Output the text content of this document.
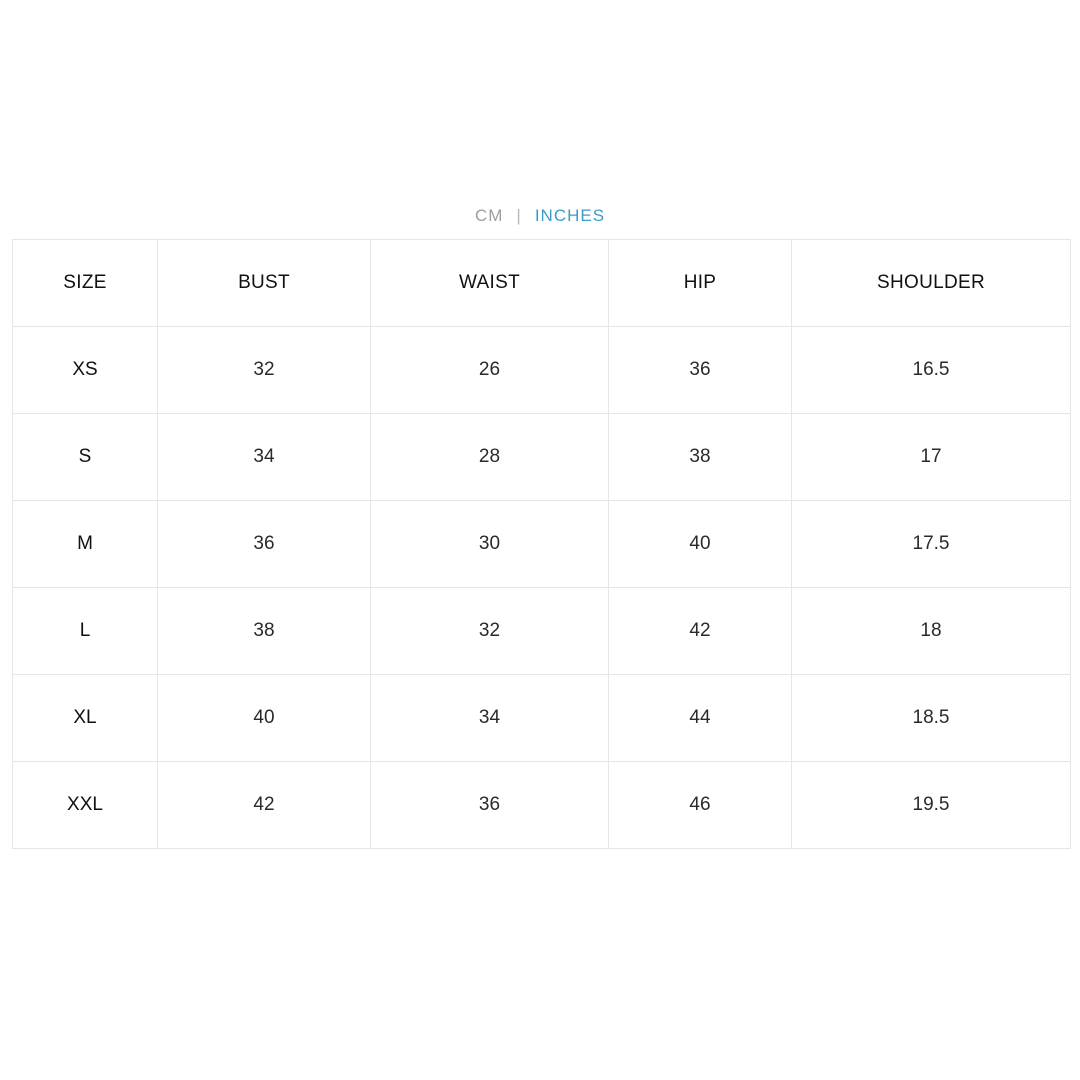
CM | INCHES
SIZE	BUST	WAIST	HIP	SHOULDER
XS	32	26	36	16.5
S	34	28	38	17
M	36	30	40	17.5
L	38	32	42	18
XL	40	34	44	18.5
XXL	42	36	46	19.5
